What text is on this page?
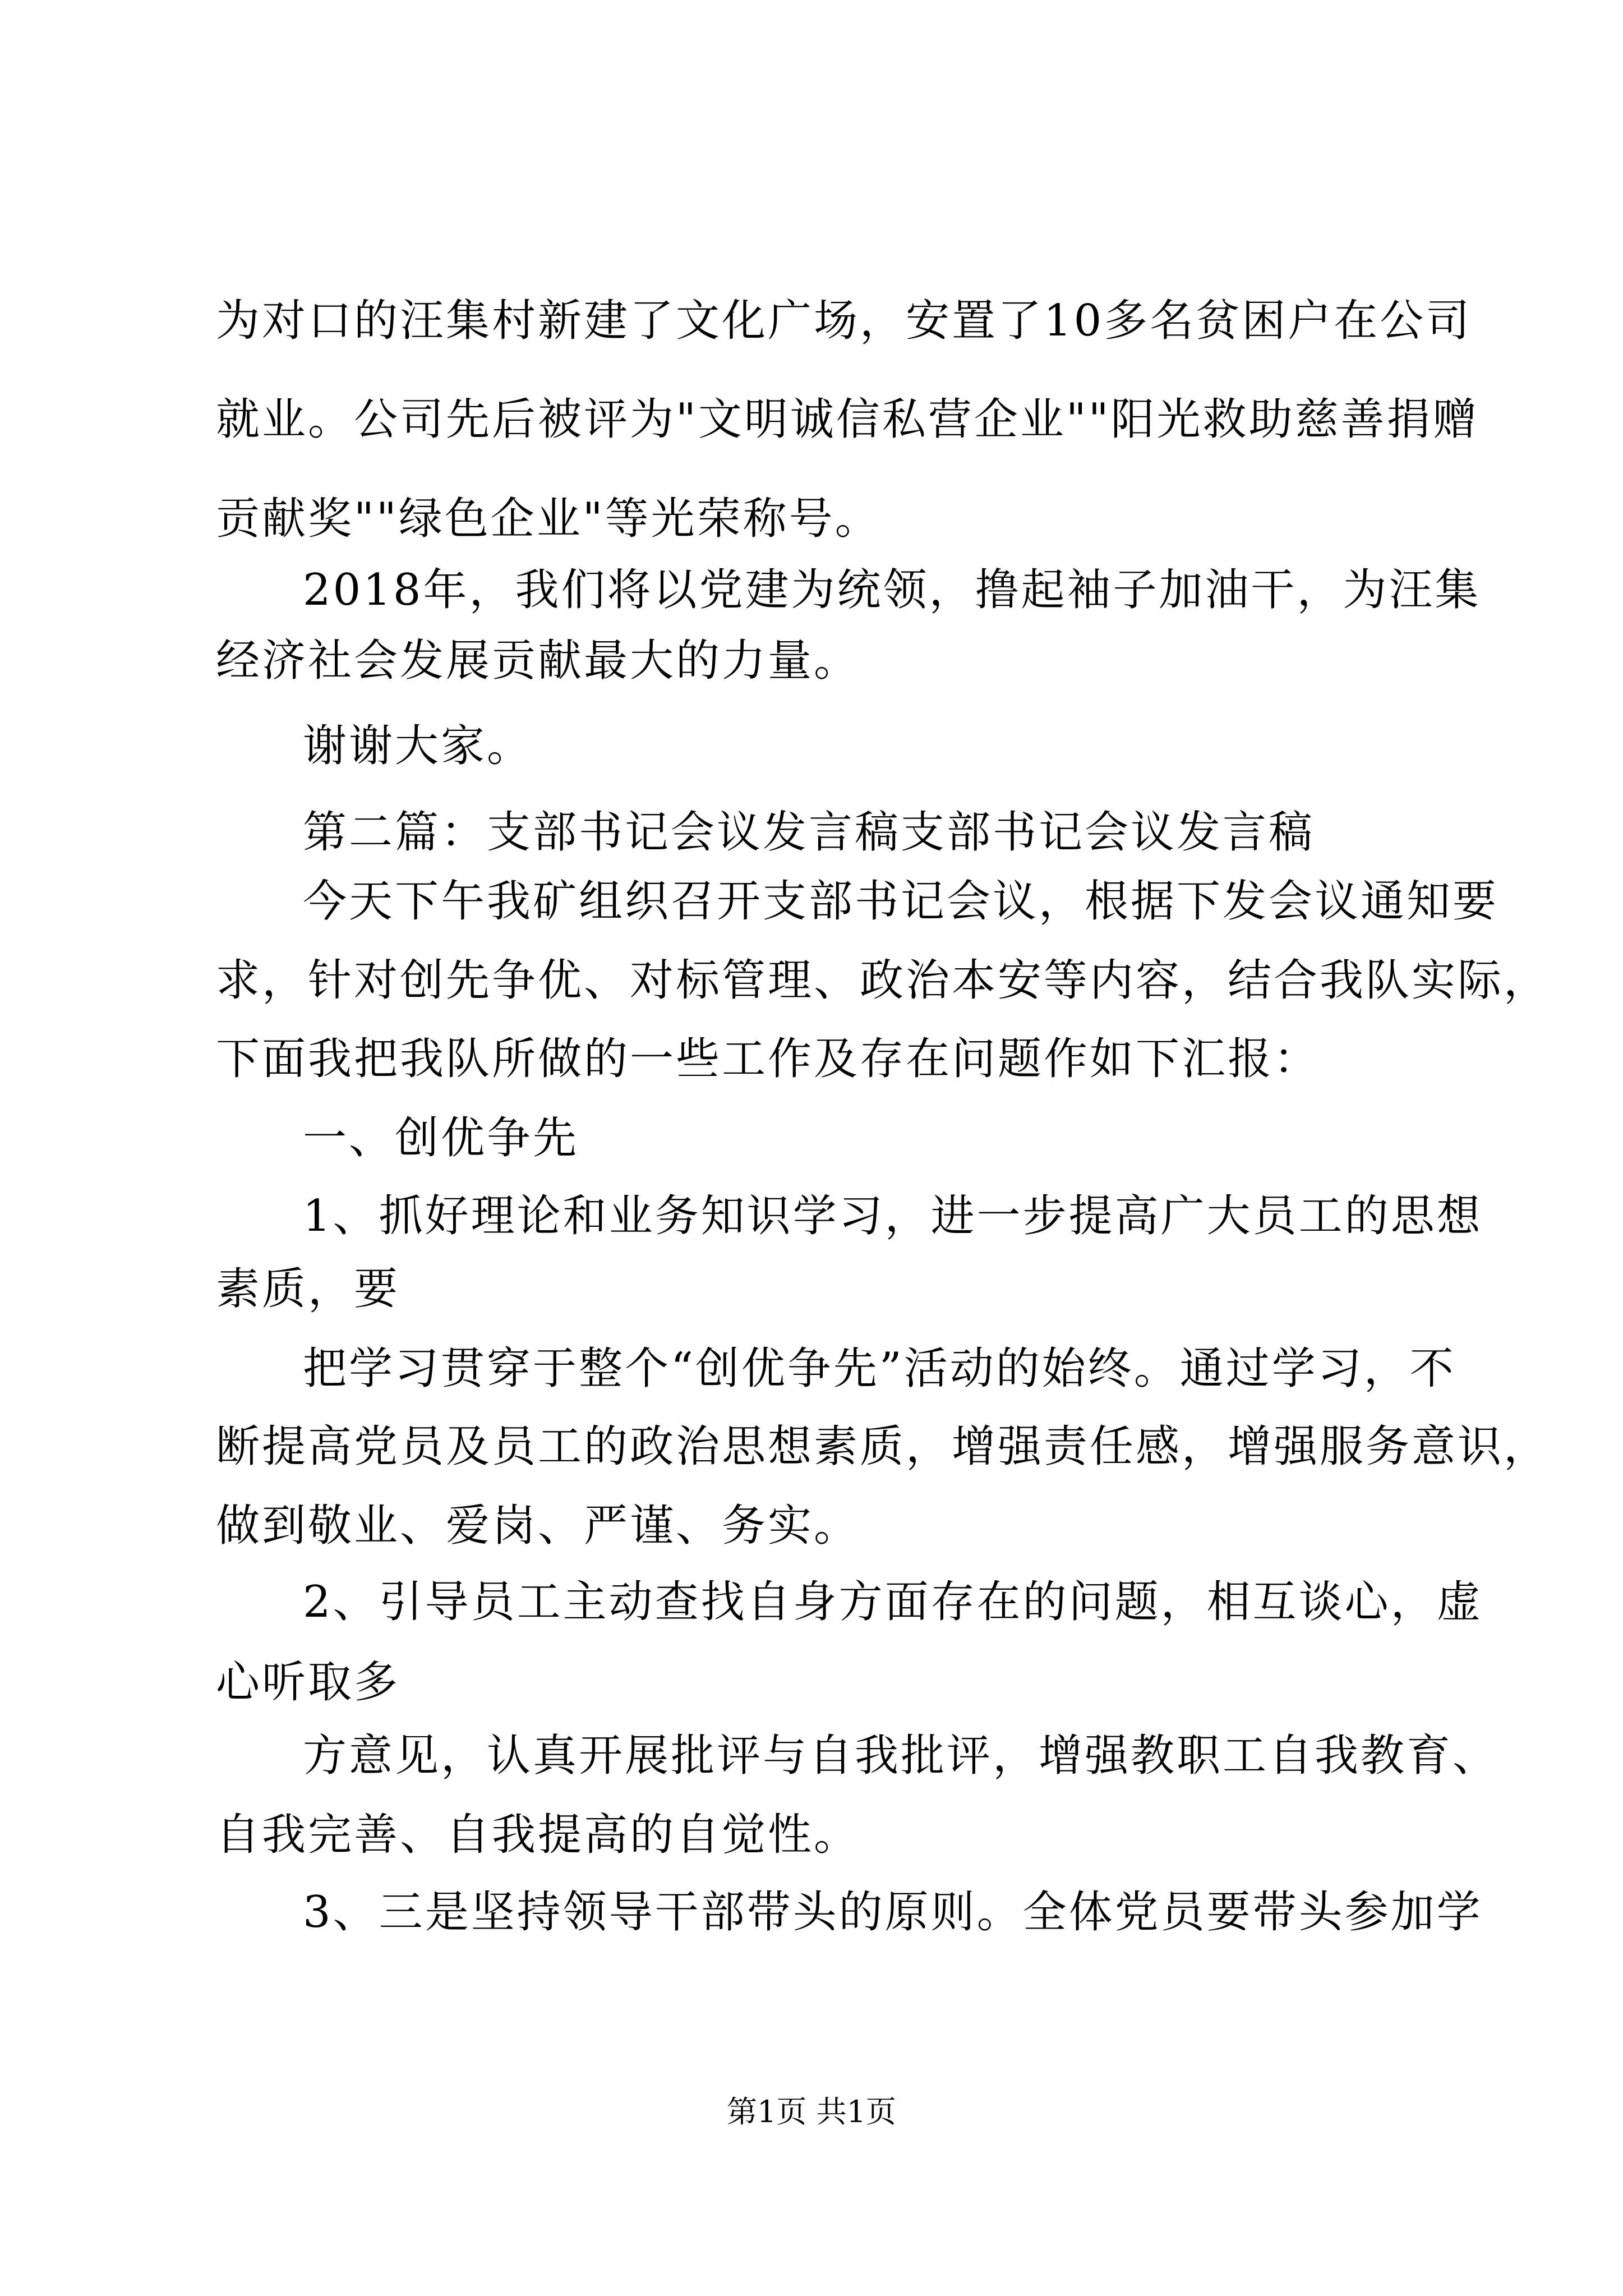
为对口的汪集村新建了文化广场，安置了10多名贫困户在公司

就业。公司先后被评为"文明诚信私营企业""阳光救助慈善捐赠

贡献奖""绿色企业"等光荣称号。

2018年，我们将以党建为统领，撸起袖子加油干，为汪集

经济社会发展贡献最大的力量。

谢谢大家。

第二篇：支部书记会议发言稿支部书记会议发言稿

今天下午我矿组织召开支部书记会议，根据下发会议通知要

求，针对创先争优、对标管理、政治本安等内容，结合我队实际，

下面我把我队所做的一些工作及存在问题作如下汇报：

一、创优争先

1、抓好理论和业务知识学习，进一步提高广大员工的思想

素质，要

把学习贯穿于整个“创优争先”活动的始终。通过学习，不

断提高党员及员工的政治思想素质，增强责任感，增强服务意识，

做到敬业、爱岗、严谨、务实。

2、引导员工主动查找自身方面存在的问题，相互谈心，虚

心听取多

方意见，认真开展批评与自我批评，增强教职工自我教育、

自我完善、自我提高的自觉性。

3、三是坚持领导干部带头的原则。全体党员要带头参加学

第1页 共1页
